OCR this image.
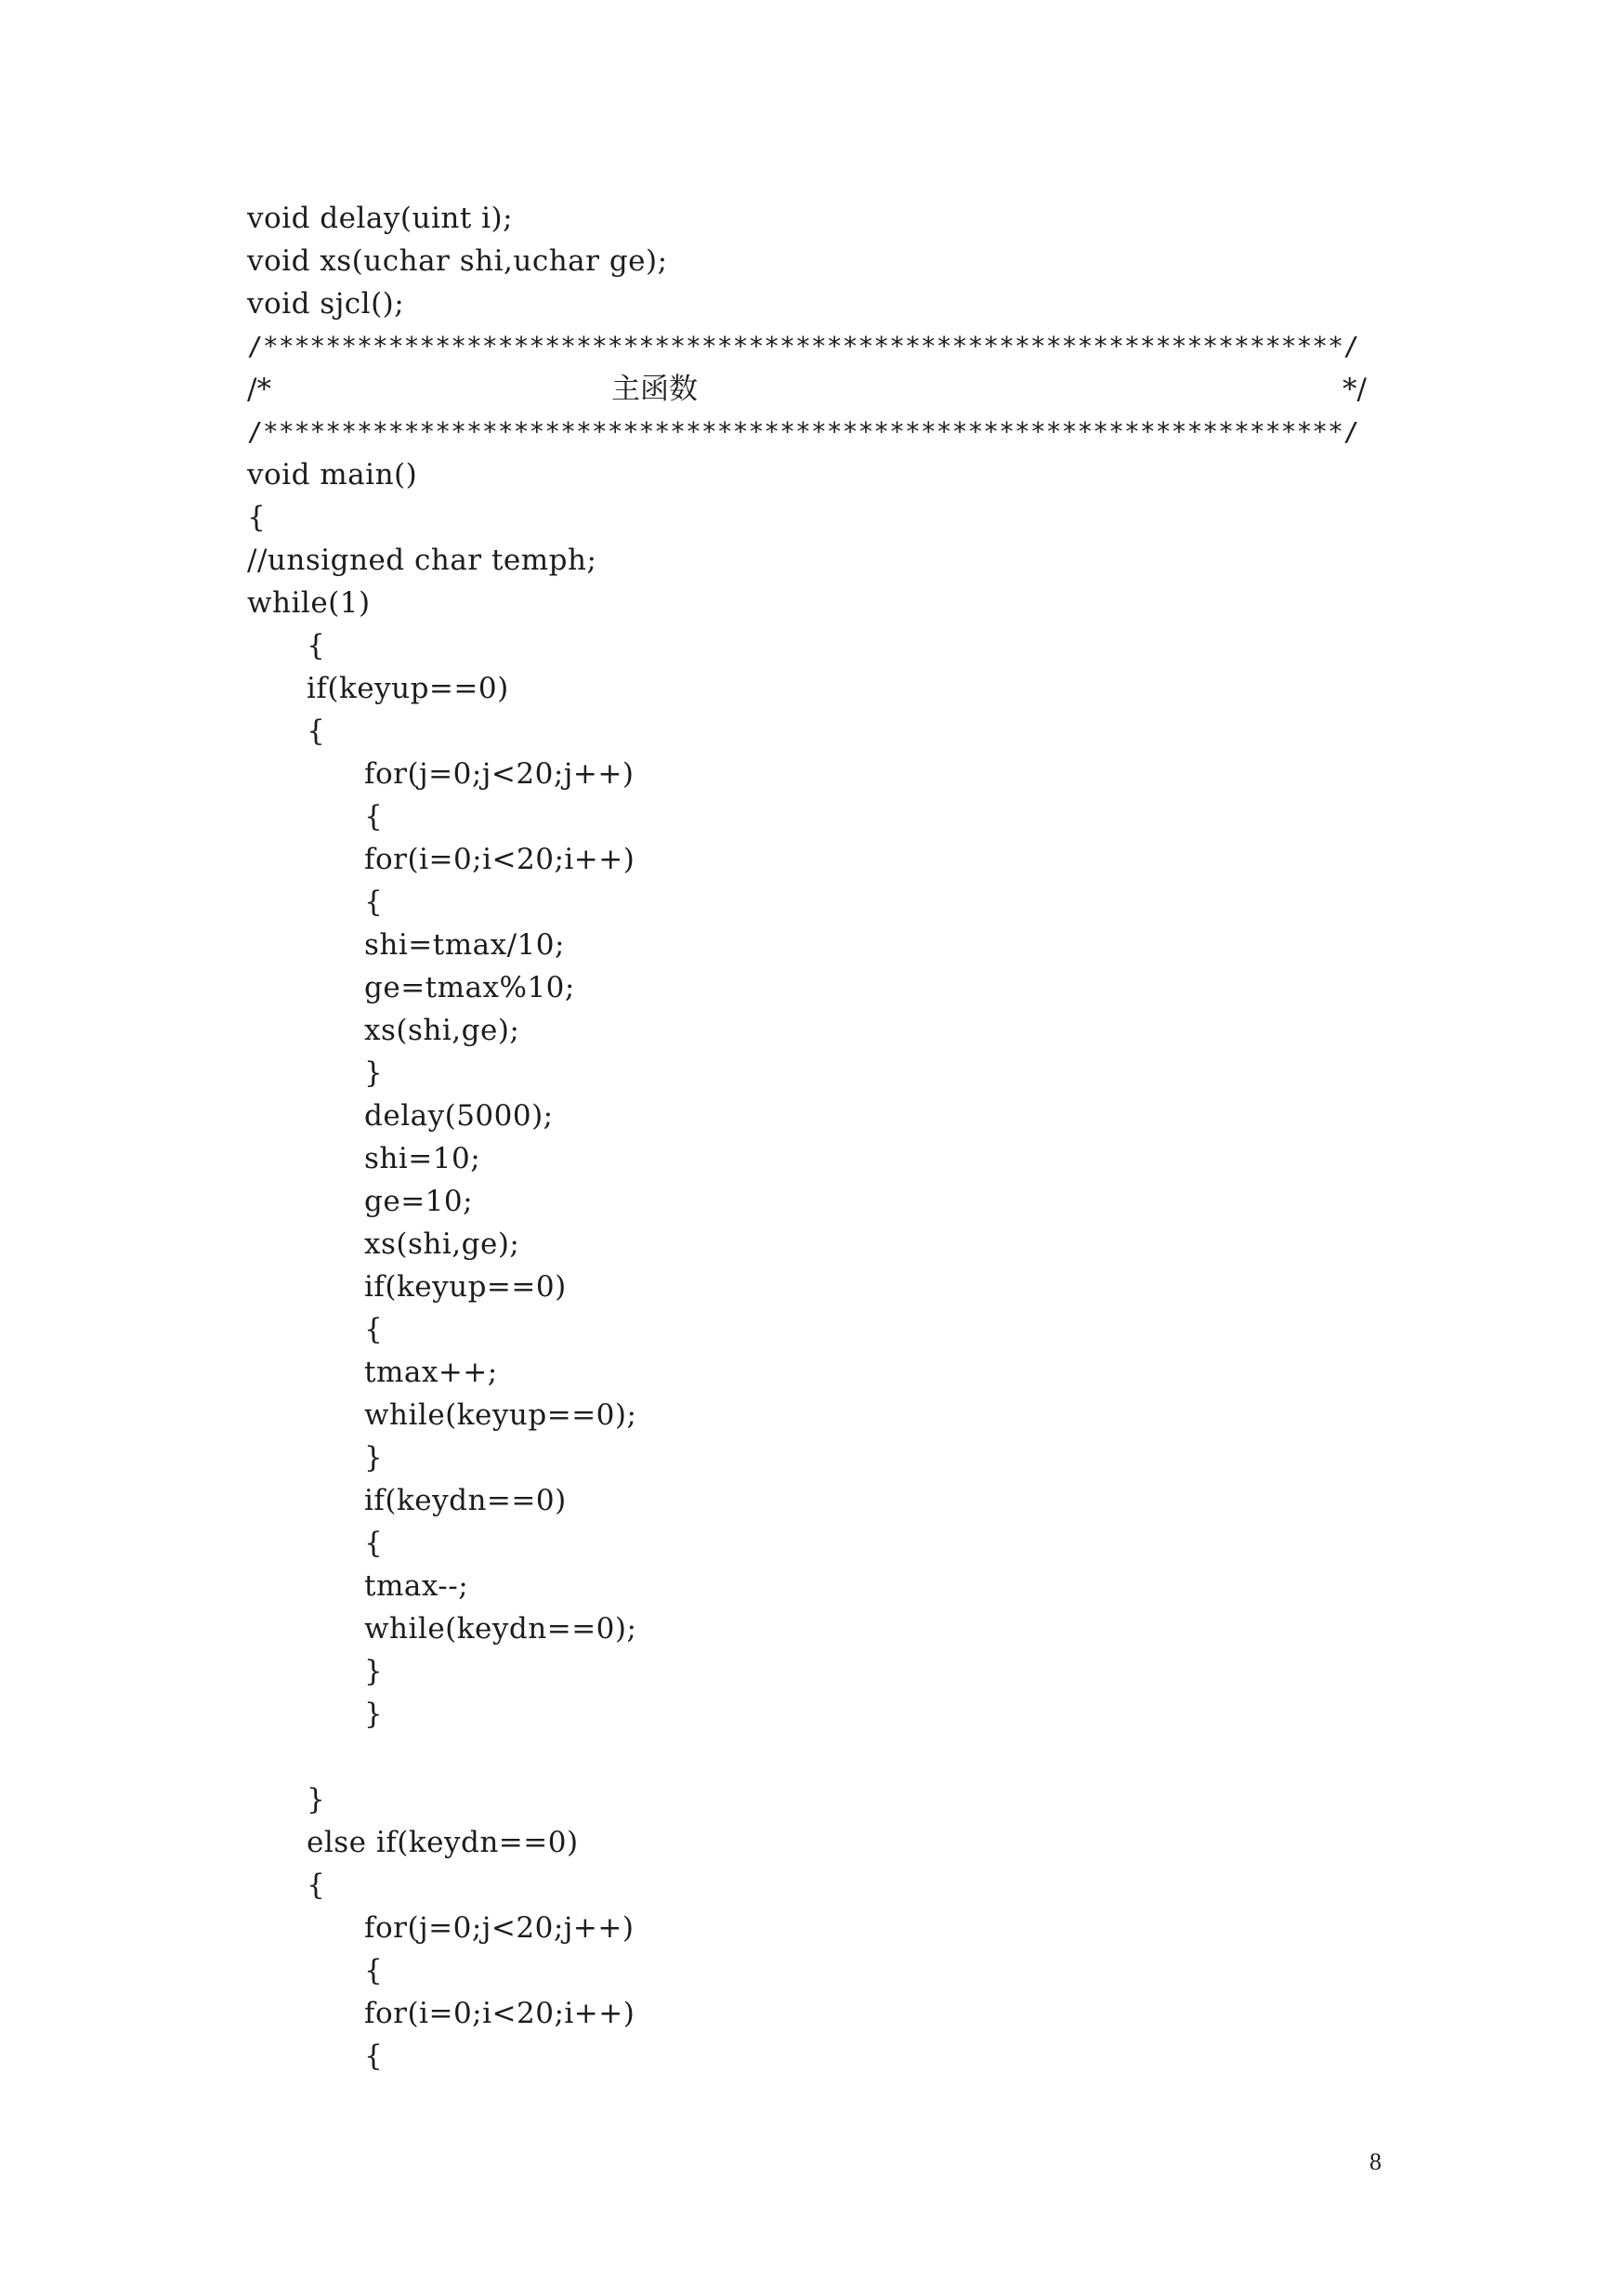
void delay(uint i);
void xs(uchar shi,uchar ge);
void sjcl();
/*********************************************************************/
/*	主函数	*/
/*********************************************************************/
void main()
{
//unsigned char temph;
while(1)
{
if(keyup==0)
{
for(j=0;j<20;j++)
{
for(i=0;i<20;i++)
{
shi=tmax/10;
ge=tmax%10;
xs(shi,ge);
}
delay(5000);
shi=10;
ge=10;
xs(shi,ge);
if(keyup==0)
{
tmax++;
while(keyup==0);
}
if(keydn==0)
{
tmax--;
while(keydn==0);
}
}
}
else if(keydn==0)
{
for(j=0;j<20;j++)
{
for(i=0;i<20;i++)
{
8
